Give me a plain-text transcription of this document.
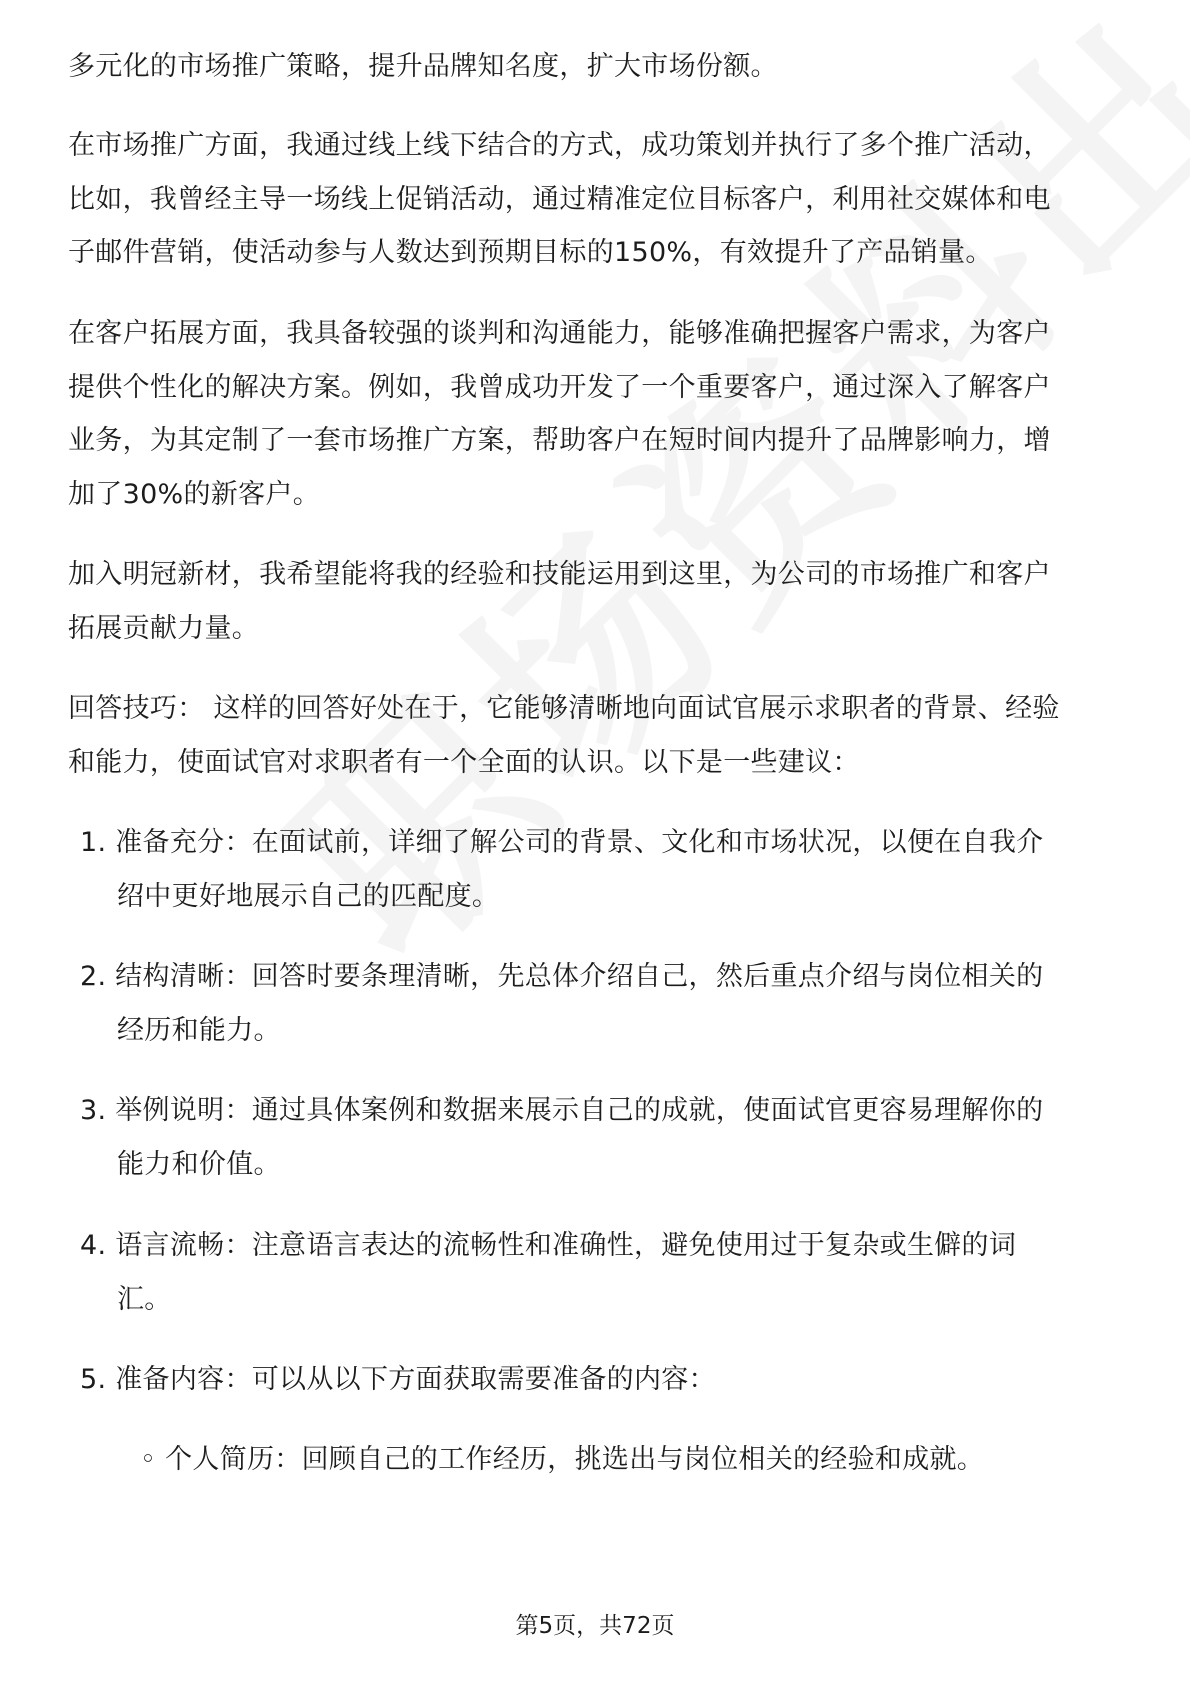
多元化的市场推广策略，提升品牌知名度，扩大市场份额。
在市场推广方面，我通过线上线下结合的方式，成功策划并执行了多个推广活动，
比如，我曾经主导一场线上促销活动，通过精准定位目标客户，利用社交媒体和电
子邮件营销，使活动参与人数达到预期目标的150%，有效提升了产品销量。
在客户拓展方面，我具备较强的谈判和沟通能力，能够准确把握客户需求，为客户
提供个性化的解决方案。例如，我曾成功开发了一个重要客户，通过深入了解客户
业务，为其定制了一套市场推广方案，帮助客户在短时间内提升了品牌影响力，增
加了30%的新客户。
加入明冠新材，我希望能将我的经验和技能运用到这里，为公司的市场推广和客户
拓展贡献力量。
回答技巧： 这样的回答好处在于，它能够清晰地向面试官展示求职者的背景、经验
和能力，使面试官对求职者有一个全面的认识。以下是一些建议：
1. 准备充分：在面试前，详细了解公司的背景、文化和市场状况，以便在自我介
绍中更好地展示自己的匹配度。
2. 结构清晰：回答时要条理清晰，先总体介绍自己，然后重点介绍与岗位相关的
经历和能力。
3. 举例说明：通过具体案例和数据来展示自己的成就，使面试官更容易理解你的
能力和价值。
4. 语言流畅：注意语言表达的流畅性和准确性，避免使用过于复杂或生僻的词
汇。
5. 准备内容：可以从以下方面获取需要准备的内容：
◦ 个人简历：回顾自己的工作经历，挑选出与岗位相关的经验和成就。
第5页，共72页
